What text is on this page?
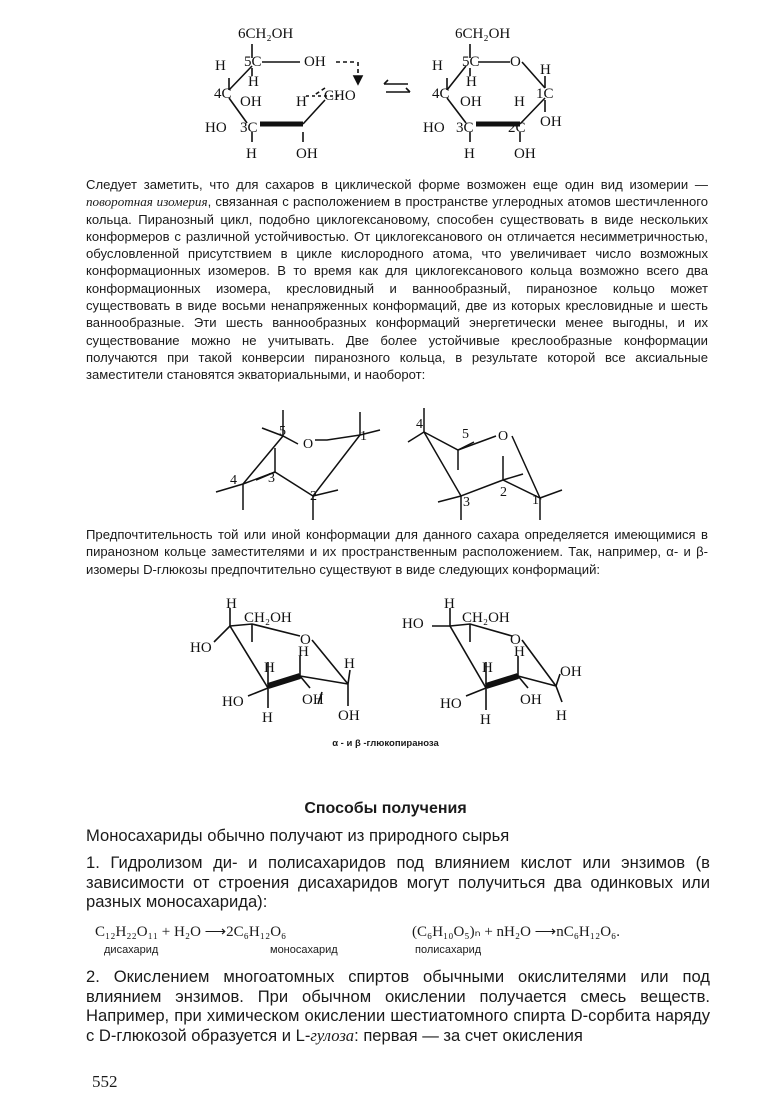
6CH₂OH
5C
H
H
OH
CHO
4C OH H
HO 3C
H	OH
6CH₂OH
5C O H
H
H
4C	1C
OH H
HO 3C 2C OH
H	OH

Следует заметить, что для сахаров в циклической форме возможен еще один вид изомерии — поворотная изомерия, связанная с расположением в пространстве углеродных атомов шестичленного кольца. Пиранозный цикл, подобно циклогексановому, способен существовать в виде нескольких конформеров с различной устойчивостью. От циклогексанового он отличается несимметричностью, обусловленной присутствием в цикле кислородного атома, что увеличивает число возможных конформационных изомеров. В то время как для циклогексанового кольца возможно всего два конформационных изомера, кресловидный и ваннообразный, пиранозное кольцо может существовать в виде восьми ненапряженных конформаций, две из которых кресловидные и шесть ваннообразные. Эти шесть ваннообразных конформаций энергетически менее выгодны, и их существование можно не учитывать. Две более устойчивые креслообразные конформации получаются при такой конверсии пиранозного кольца, в результате которой все аксиальные заместители становятся экваториальными, и наоборот:

5
O
1
4 3
2
4
5 O
3
2
1

Предпочтительность той или иной конформации для данного сахара определяется имеющимися в пиранозном кольце заместителями и их пространственным расположением. Так, например, α- и β-изомеры D-глюкозы предпочтительно существуют в виде следующих конформаций:

H
CH₂OH
HO	O
H
H
H
HO	OH
H	OH
H
CH₂OH
HO
O
H
H
OH
HO	OH
H	H
α - и β -глюкопираноза
Способы получения

Моносахариды обычно получают из природного сырья

1. Гидролизом ди- и полисахаридов под влиянием кислот или энзимов (в зависимости от строения дисахаридов могут получиться два одинковых или разных моносахарида):

C₁₂H₂₂O₁₁ + H₂O ⟶2C₆H₁₂O₆
дисахарид	моносахарид
(C₆H₁₀O₅)ₙ + nH₂O ⟶nC₆H₁₂O₆.
полисахарид

2. Окислением многоатомных спиртов обычными окислителями или под влиянием энзимов. При обычном окислении получается смесь веществ. Например, при химическом окислении шестиатомного спирта D-сорбита наряду с D-глюкозой образуется и L-гулоза: первая — за счет окисления

552
